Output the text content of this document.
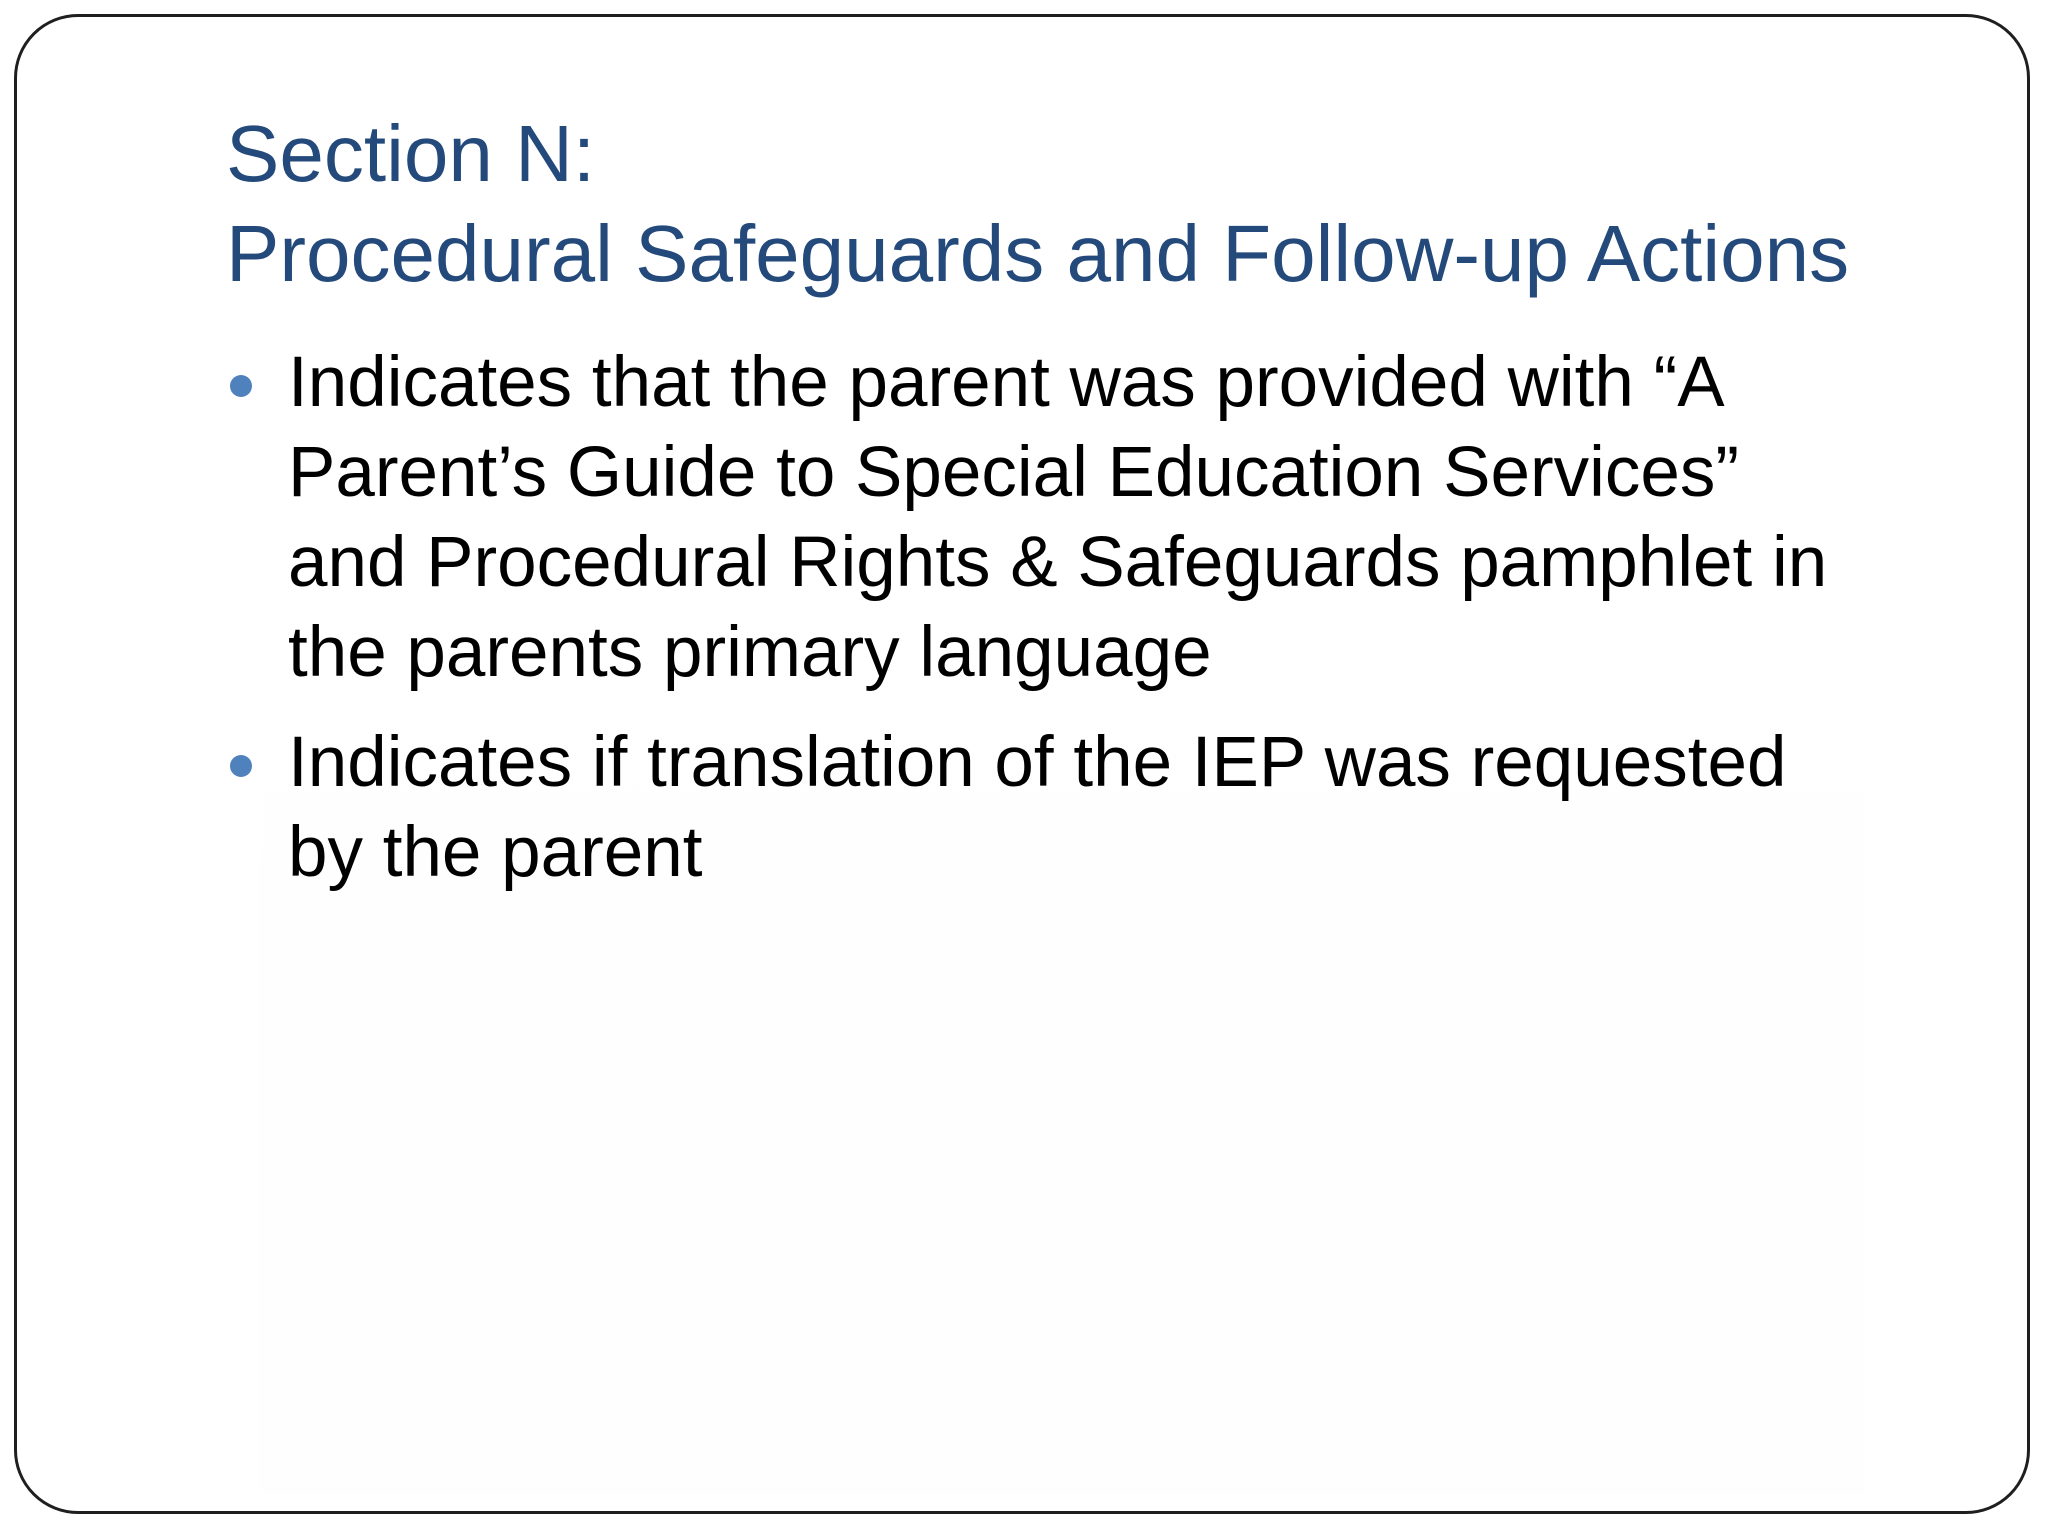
Section N:
Procedural Safeguards and Follow-up Actions
Indicates that the parent was provided with “A
Parent’s Guide to Special Education Services”
and Procedural Rights & Safeguards pamphlet in
the parents primary language
Indicates if translation of the IEP was requested
by the parent
